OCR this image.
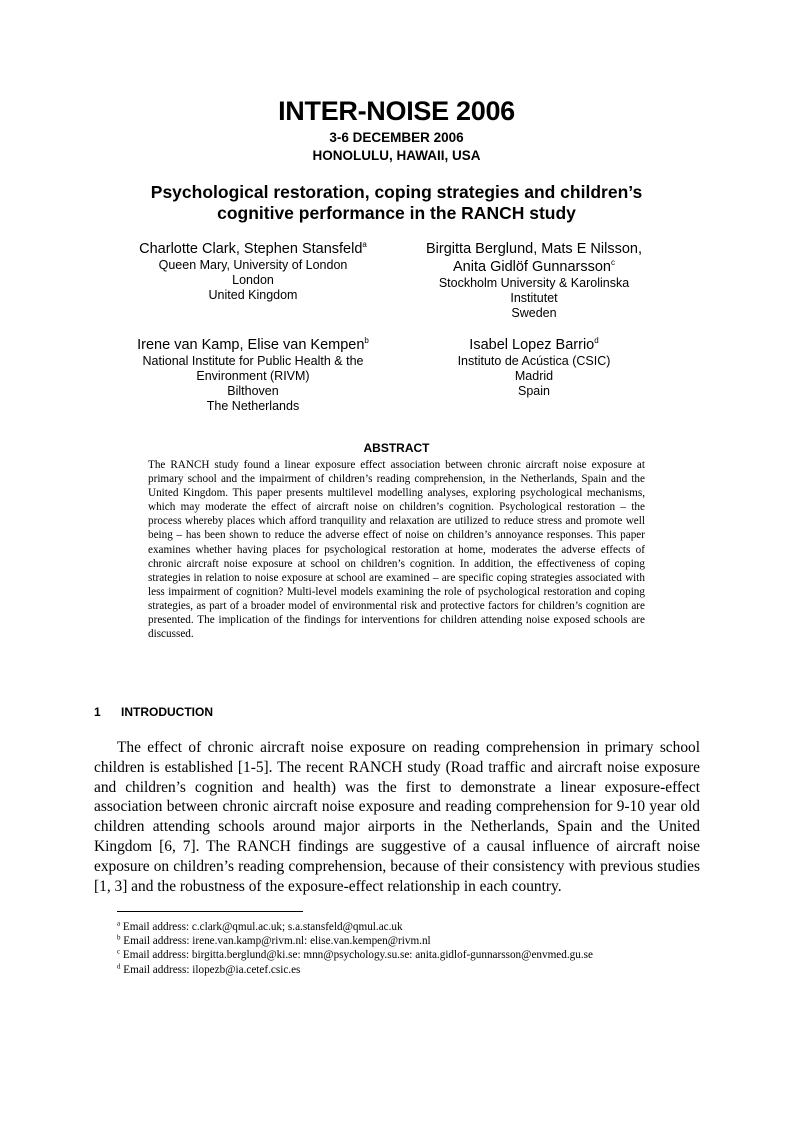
INTER-NOISE 2006
3-6 DECEMBER 2006
HONOLULU, HAWAII, USA
Psychological restoration, coping strategies and children’s
cognitive performance in the RANCH study
Charlotte Clark, Stephen Stansfeld$^a$
Queen Mary, University of London
London
United Kingdom
Birgitta Berglund, Mats E Nilsson,
Anita Gidlöf Gunnarsson$^c$
Stockholm University & Karolinska
Institutet
Sweden
Irene van Kamp, Elise van Kempen$^b$
National Institute for Public Health & the
Environment (RIVM)
Bilthoven
The Netherlands
Isabel Lopez Barrio$^d$
Instituto de Acústica (CSIC)
Madrid
Spain
ABSTRACT
The RANCH study found a linear exposure effect association between chronic aircraft noise exposure at primary school and the impairment of children’s reading comprehension, in the Netherlands, Spain and the United Kingdom. This paper presents multilevel modelling analyses, exploring psychological mechanisms, which may moderate the effect of aircraft noise on children’s cognition. Psychological restoration – the process whereby places which afford tranquility and relaxation are utilized to reduce stress and promote well being – has been shown to reduce the adverse effect of noise on children’s annoyance responses. This paper examines whether having places for psychological restoration at home, moderates the adverse effects of chronic aircraft noise exposure at school on children’s cognition. In addition, the effectiveness of coping strategies in relation to noise exposure at school are examined – are specific coping strategies associated with less impairment of cognition? Multi-level models examining the role of psychological restoration and coping strategies, as part of a broader model of environmental risk and protective factors for children’s cognition are presented. The implication of the findings for interventions for children attending noise exposed schools are discussed.
1 INTRODUCTION
The effect of chronic aircraft noise exposure on reading comprehension in primary school children is established [1-5]. The recent RANCH study (Road traffic and aircraft noise exposure and children’s cognition and health) was the first to demonstrate a linear exposure-effect association between chronic aircraft noise exposure and reading comprehension for 9-10 year old children attending schools around major airports in the Netherlands, Spain and the United Kingdom [6, 7]. The RANCH findings are suggestive of a causal influence of aircraft noise exposure on children’s reading comprehension, because of their consistency with previous studies [1, 3] and the robustness of the exposure-effect relationship in each country.
$^a$ Email address: c.clark@qmul.ac.uk; s.a.stansfeld@qmul.ac.uk
$^b$ Email address: irene.van.kamp@rivm.nl: elise.van.kempen@rivm.nl
$^c$ Email address: birgitta.berglund@ki.se: mnn@psychology.su.se: anita.gidlof-gunnarsson@envmed.gu.se
$^d$ Email address: ilopezb@ia.cetef.csic.es
